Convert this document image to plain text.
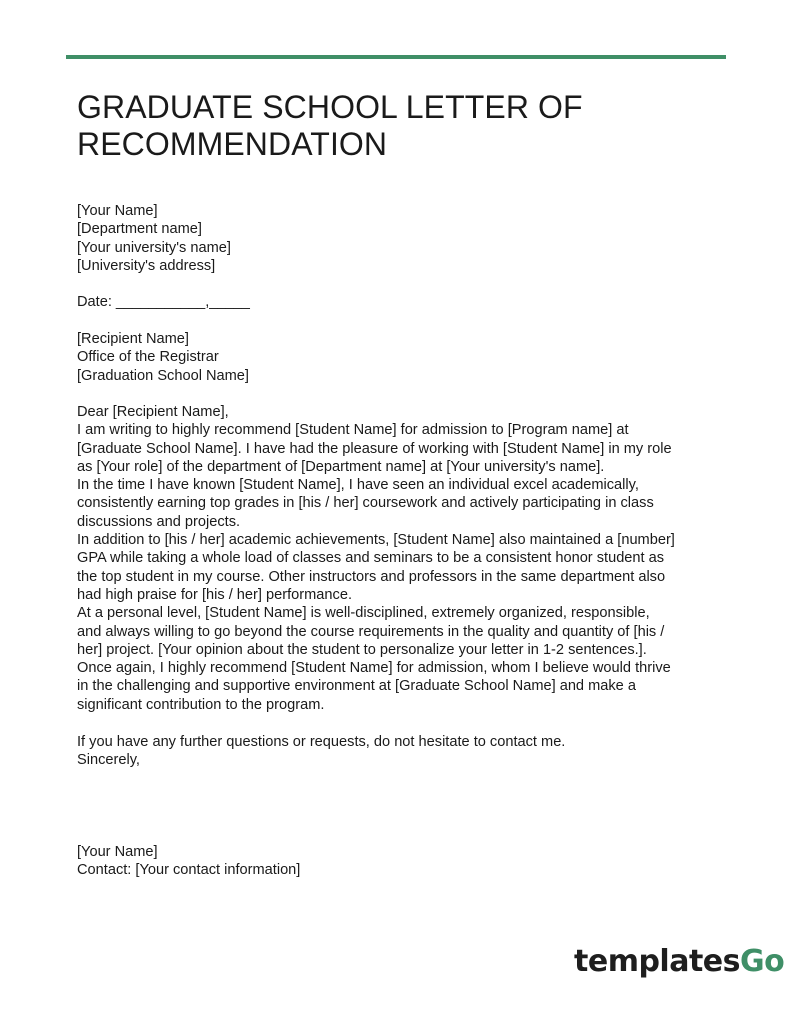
GRADUATE SCHOOL LETTER OF RECOMMENDATION
[Your Name]
[Department name]
[Your university's name]
[University's address]
Date: ___________,_____
[Recipient Name]
Office of the Registrar
[Graduation School Name]
Dear [Recipient Name],
I am writing to highly recommend [Student Name] for admission to [Program name] at
[Graduate School Name]. I have had the pleasure of working with [Student Name] in my role
as [Your role] of the department of [Department name] at [Your university's name].
In the time I have known [Student Name], I have seen an individual excel academically,
consistently earning top grades in [his / her] coursework and actively participating in class
discussions and projects.
In addition to [his / her] academic achievements, [Student Name] also maintained a [number]
GPA while taking a whole load of classes and seminars to be a consistent honor student as
the top student in my course. Other instructors and professors in the same department also
had high praise for [his / her] performance.
At a personal level, [Student Name] is well-disciplined, extremely organized, responsible,
and always willing to go beyond the course requirements in the quality and quantity of [his /
her] project. [Your opinion about the student to personalize your letter in 1-2 sentences.].
Once again, I highly recommend [Student Name] for admission, whom I believe would thrive
in the challenging and supportive environment at [Graduate School Name] and make a
significant contribution to the program.
If you have any further questions or requests, do not hesitate to contact me.
Sincerely,
[Your Name]
Contact: [Your contact information]
templatesGo
